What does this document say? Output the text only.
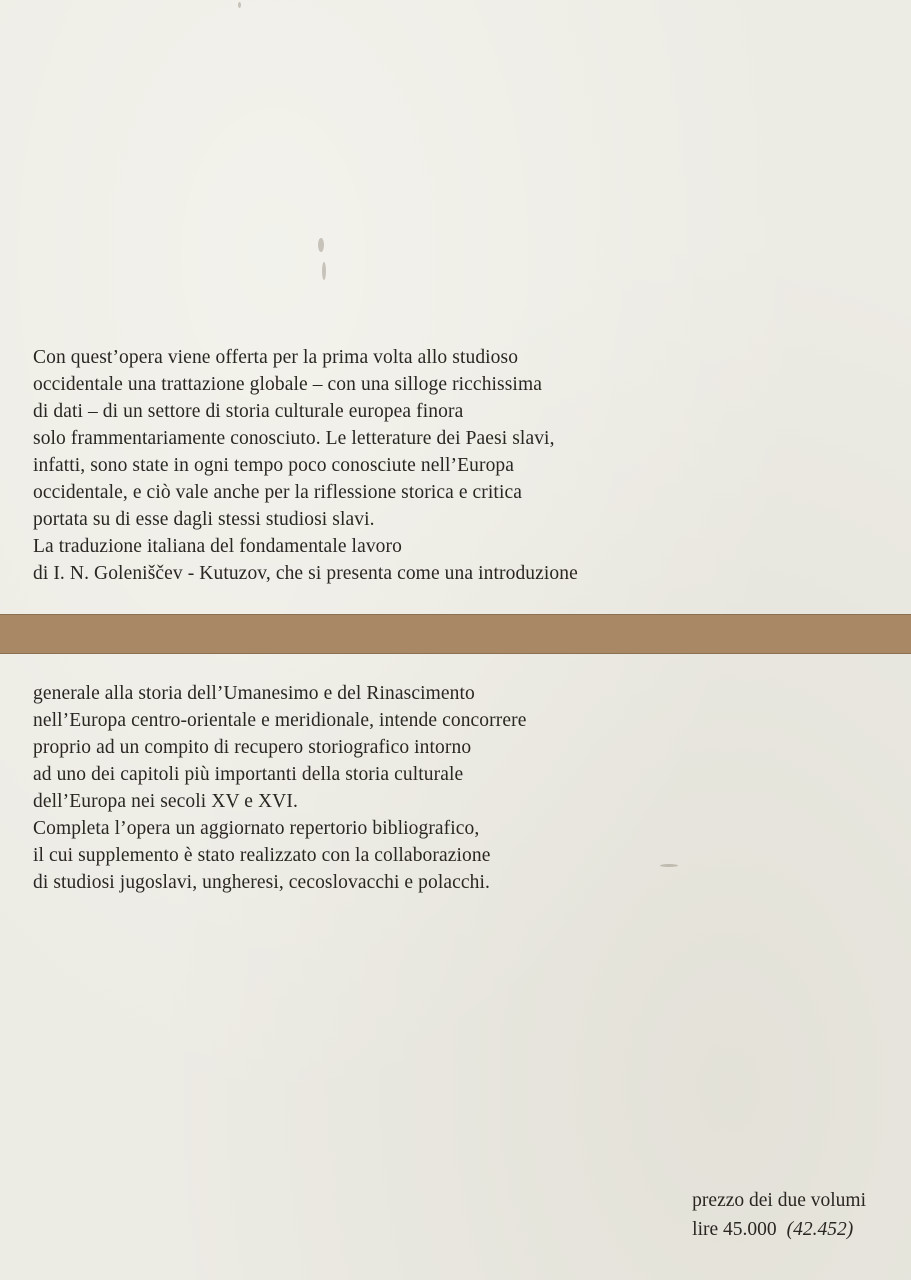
Con quest’opera viene offerta per la prima volta allo studioso
occidentale una trattazione globale – con una silloge ricchissima
di dati – di un settore di storia culturale europea finora
solo frammentariamente conosciuto. Le letterature dei Paesi slavi,
infatti, sono state in ogni tempo poco conosciute nell’Europa
occidentale, e ciò vale anche per la riflessione storica e critica
portata su di esse dagli stessi studiosi slavi.
La traduzione italiana del fondamentale lavoro
di I. N. Goleniščev - Kutuzov, che si presenta come una introduzione
generale alla storia dell’Umanesimo e del Rinascimento
nell’Europa centro-orientale e meridionale, intende concorrere
proprio ad un compito di recupero storiografico intorno
ad uno dei capitoli più importanti della storia culturale
dell’Europa nei secoli XV e XVI.
Completa l’opera un aggiornato repertorio bibliografico,
il cui supplemento è stato realizzato con la collaborazione
di studiosi jugoslavi, ungheresi, cecoslovacchi e polacchi.
prezzo dei due volumi
lire 45.000 (42.452)
